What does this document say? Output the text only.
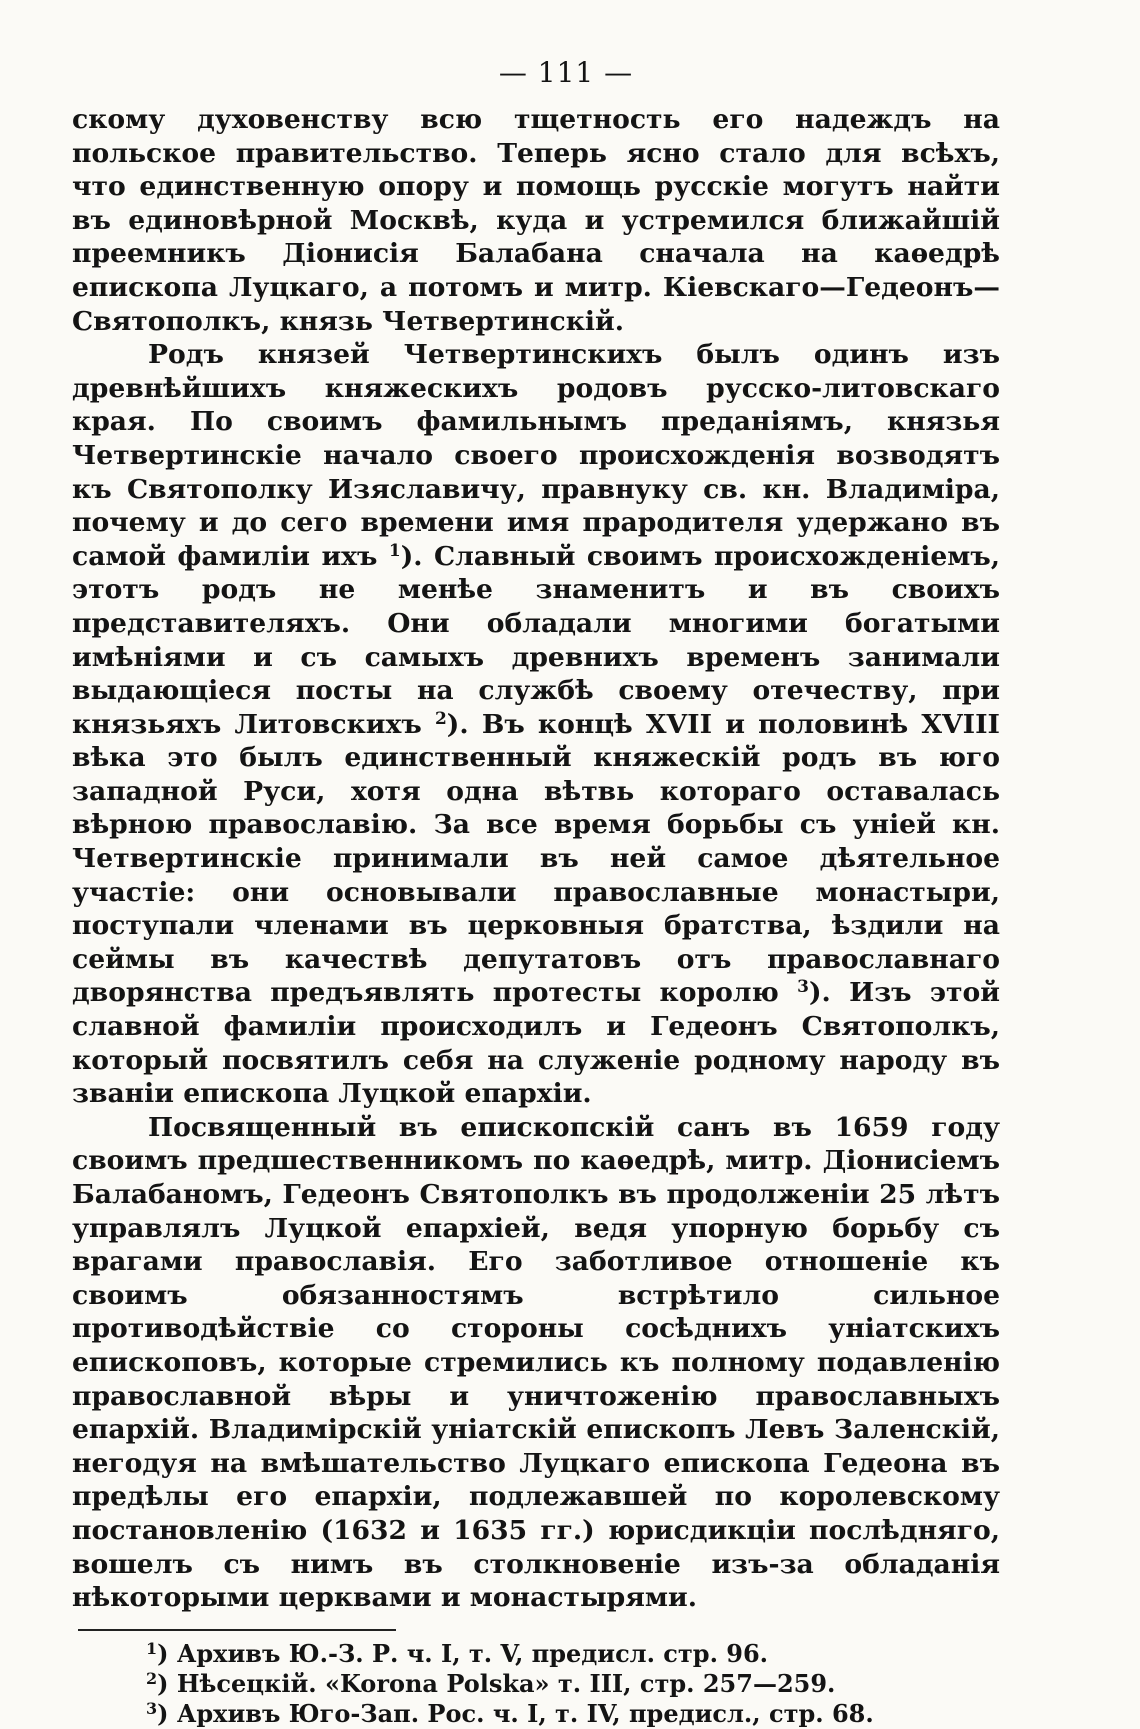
— 111 —

скому духовенству всю тщетность его надеждъ на польское правительство. Теперь ясно стало для всѣхъ, что единственную опору и помощь русскіе могутъ найти въ единовѣрной Москвѣ, куда и устремился ближайшій преемникъ Діонисія Балабана сначала на каѳедрѣ епископа Луцкаго, а потомъ и митр. Кіевскаго—Гедеонъ—Святополкъ, князь Четвертинскій.

Родъ князей Четвертинскихъ былъ одинъ изъ древнѣйшихъ княжескихъ родовъ русско-литовскаго края. По своимъ фамильнымъ преданіямъ, князья Четвертинскіе начало своего происхожденія возводятъ къ Святополку Изяславичу, правнуку св. кн. Владиміра, почему и до сего времени имя прародителя удержано въ самой фамиліи ихъ $^1$). Славный своимъ происхожденіемъ, этотъ родъ не менѣе знаменитъ и въ своихъ представителяхъ. Они обладали многими богатыми имѣніями и съ самыхъ древнихъ временъ занимали выдающіеся посты на службѣ своему отечеству, при князьяхъ Литовскихъ $^2$). Въ концѣ XVII и половинѣ XVIII вѣка это былъ единственный княжескій родъ въ юго западной Руси, хотя одна вѣтвь котораго оставалась вѣрною православію. За все время борьбы съ уніей кн. Четвертинскіе принимали въ ней самое дѣятельное участіе: они основывали православные монастыри, поступали членами въ церковныя братства, ѣздили на сеймы въ качествѣ депутатовъ отъ православнаго дворянства предъявлять протесты королю $^3$). Изъ этой славной фамиліи происходилъ и Гедеонъ Святополкъ, который посвятилъ себя на служеніе родному народу въ званіи епископа Луцкой епархіи.

Посвященный въ епископскій санъ въ 1659 году своимъ предшественникомъ по каѳедрѣ, митр. Діонисіемъ Балабаномъ, Гедеонъ Святополкъ въ продолженіи 25 лѣтъ управлялъ Луцкой епархіей, ведя упорную борьбу съ врагами православія. Его заботливое отношеніе къ своимъ обязанностямъ встрѣтило сильное противодѣйствіе со стороны сосѣднихъ уніатскихъ епископовъ, которые стремились къ полному подавленію православной вѣры и уничтоженію православныхъ епархій. Владимірскій уніатскій епископъ Левъ Заленскій, негодуя на вмѣшательство Луцкаго епископа Гедеона въ предѣлы его епархіи, подлежавшей по королевскому постановленію (1632 и 1635 гг.) юрисдикціи послѣдняго, вошелъ съ нимъ въ столкновеніе изъ-за обладанія нѣкоторыми церквами и монастырями.

$^1$) Архивъ Ю.-З. Р. ч. I, т. V, предисл. стр. 96.
$^2$) Нѣсецкій. «Korona Polska» т. III, стр. 257—259.
$^3$) Архивъ Юго-Зап. Рос. ч. I, т. IV, предисл., стр. 68.
